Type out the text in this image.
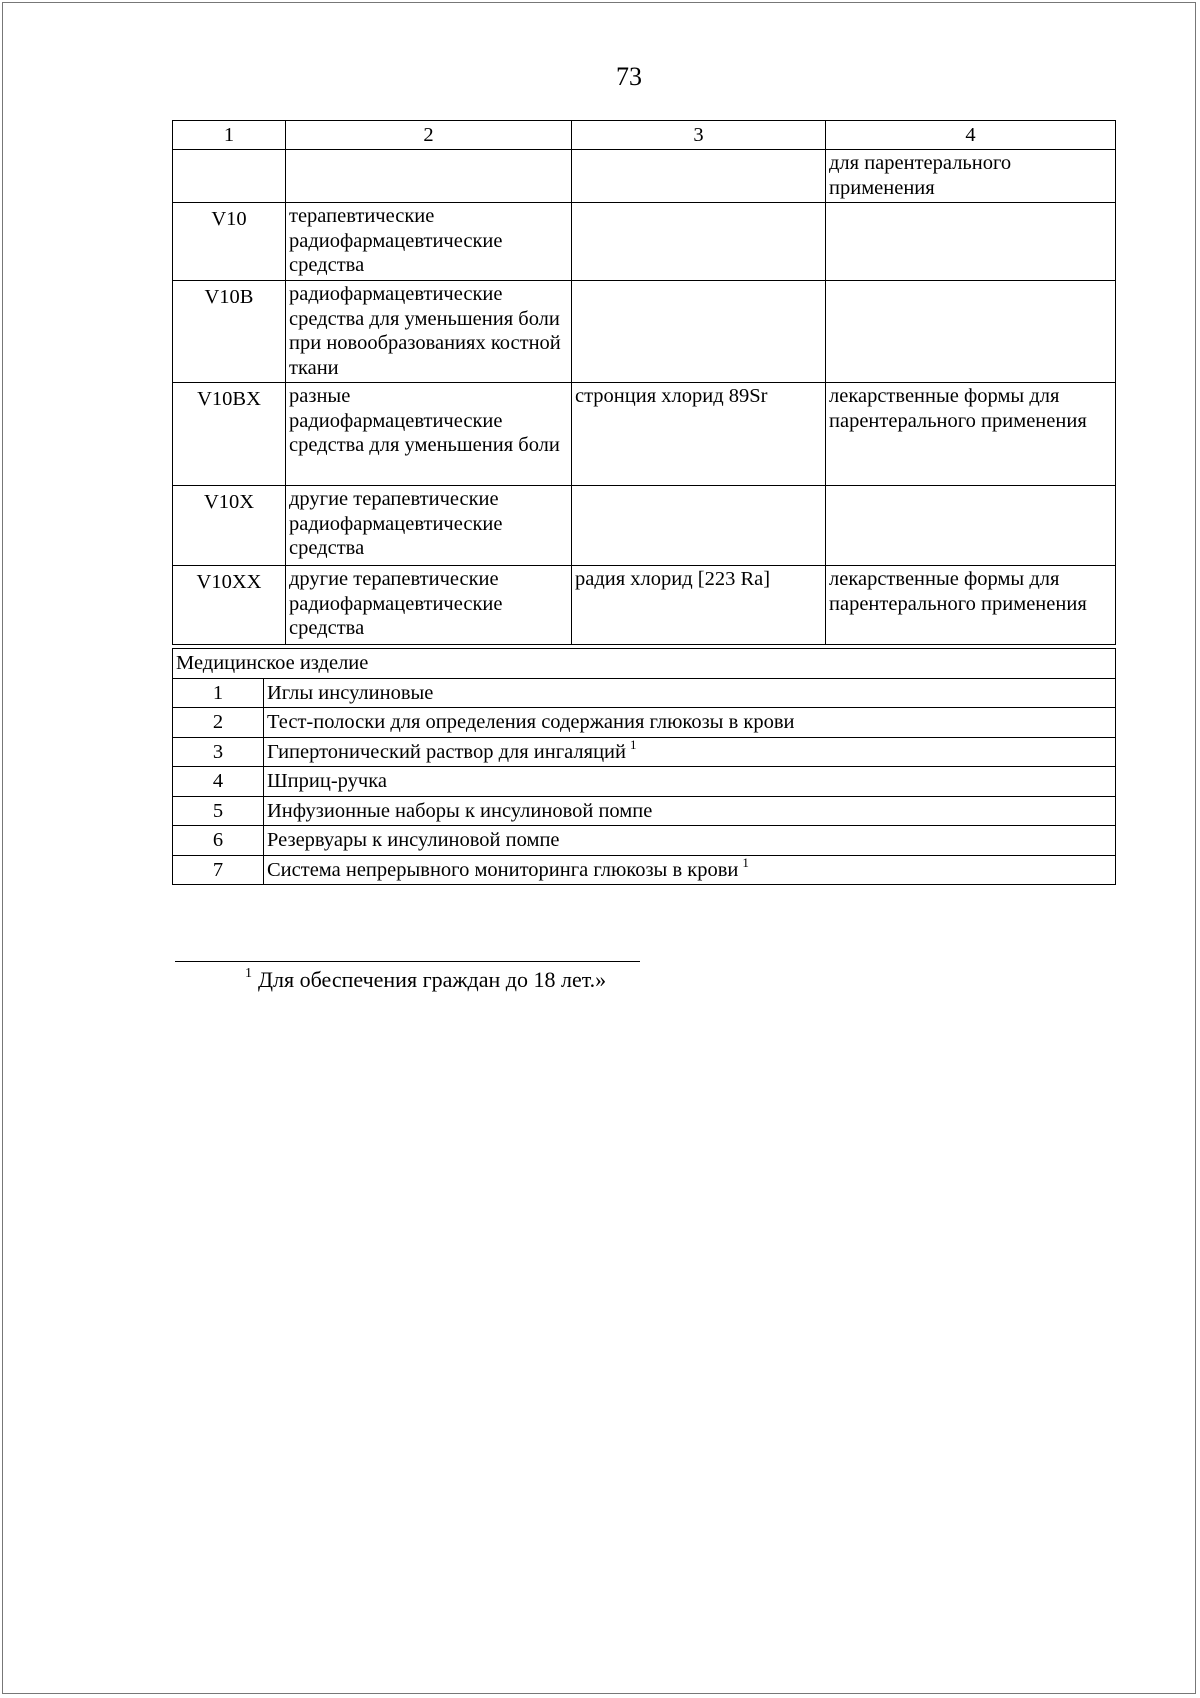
73
1	2	3	4
			для парентерального применения
V10	терапевтические радиофармацевтические средства		
V10B	радиофармацевтические средства для уменьшения боли при новообразованиях костной ткани		
V10BX	разные радиофармацевтические средства для уменьшения боли	стронция хлорид 89Sr	лекарственные формы для парентерального применения
V10X	другие терапевтические радиофармацевтические средства		
V10XX	другие терапевтические радиофармацевтические средства	радия хлорид [223 Ra]	лекарственные формы для парентерального применения
Медицинское изделие	
1	Иглы инсулиновые
2	Тест-полоски для определения содержания глюкозы в крови
3	Гипертонический раствор для ингаляций $^1$
4	Шприц-ручка
5	Инфузионные наборы к инсулиновой помпе
6	Резервуары к инсулиновой помпе
7	Система непрерывного мониторинга глюкозы в крови $^1$
$^1$ Для обеспечения граждан до 18 лет.»
